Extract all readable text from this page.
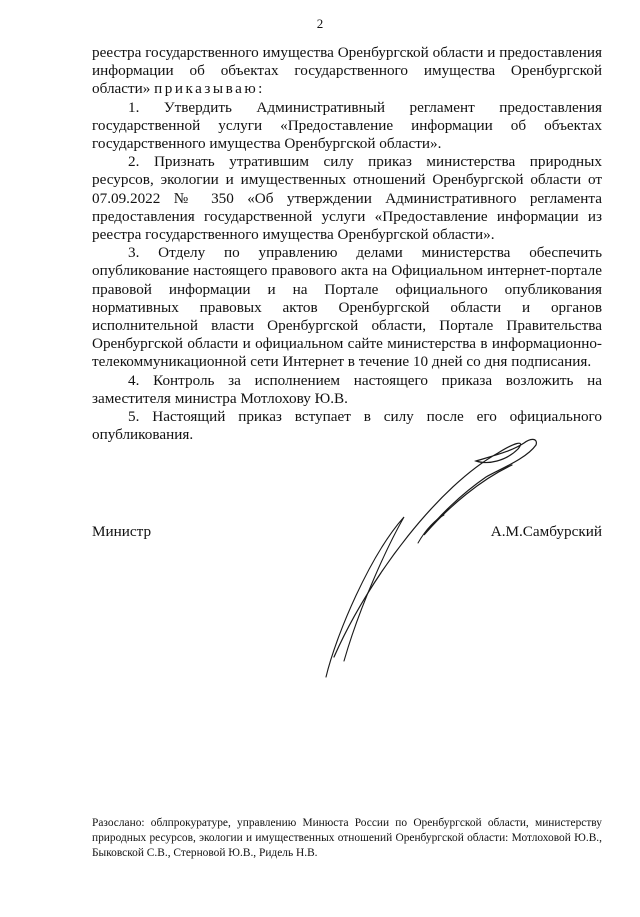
2

реестра государственного имущества Оренбургской области и предоставления информации об объектах государственного имущества Оренбургской области» приказываю:

1. Утвердить Административный регламент предоставления государственной услуги «Предоставление информации об объектах государственного имущества Оренбургской области».

2. Признать утратившим силу приказ министерства природных ресурсов, экологии и имущественных отношений Оренбургской области от 07.09.2022 № 350 «Об утверждении Административного регламента предоставления государственной услуги «Предоставление информации из реестра государственного имущества Оренбургской области».

3. Отделу по управлению делами министерства обеспечить опубликование настоящего правового акта на Официальном интернет-портале правовой информации и на Портале официального опубликования нормативных правовых актов Оренбургской области и органов исполнительной власти Оренбургской области, Портале Правительства Оренбургской области и официальном сайте министерства в информационно-телекоммуникационной сети Интернет в течение 10 дней со дня подписания.

4. Контроль за исполнением настоящего приказа возложить на заместителя министра Мотлохову Ю.В.

5. Настоящий приказ вступает в силу после его официального опубликования.

Министр	А.М.Самбурский
Разослано: облпрокуратуре, управлению Минюста России по Оренбургской области, министерству природных ресурсов, экологии и имущественных отношений Оренбургской области: Мотлоховой Ю.В., Быковской С.В., Стерновой Ю.В., Ридель Н.В.
